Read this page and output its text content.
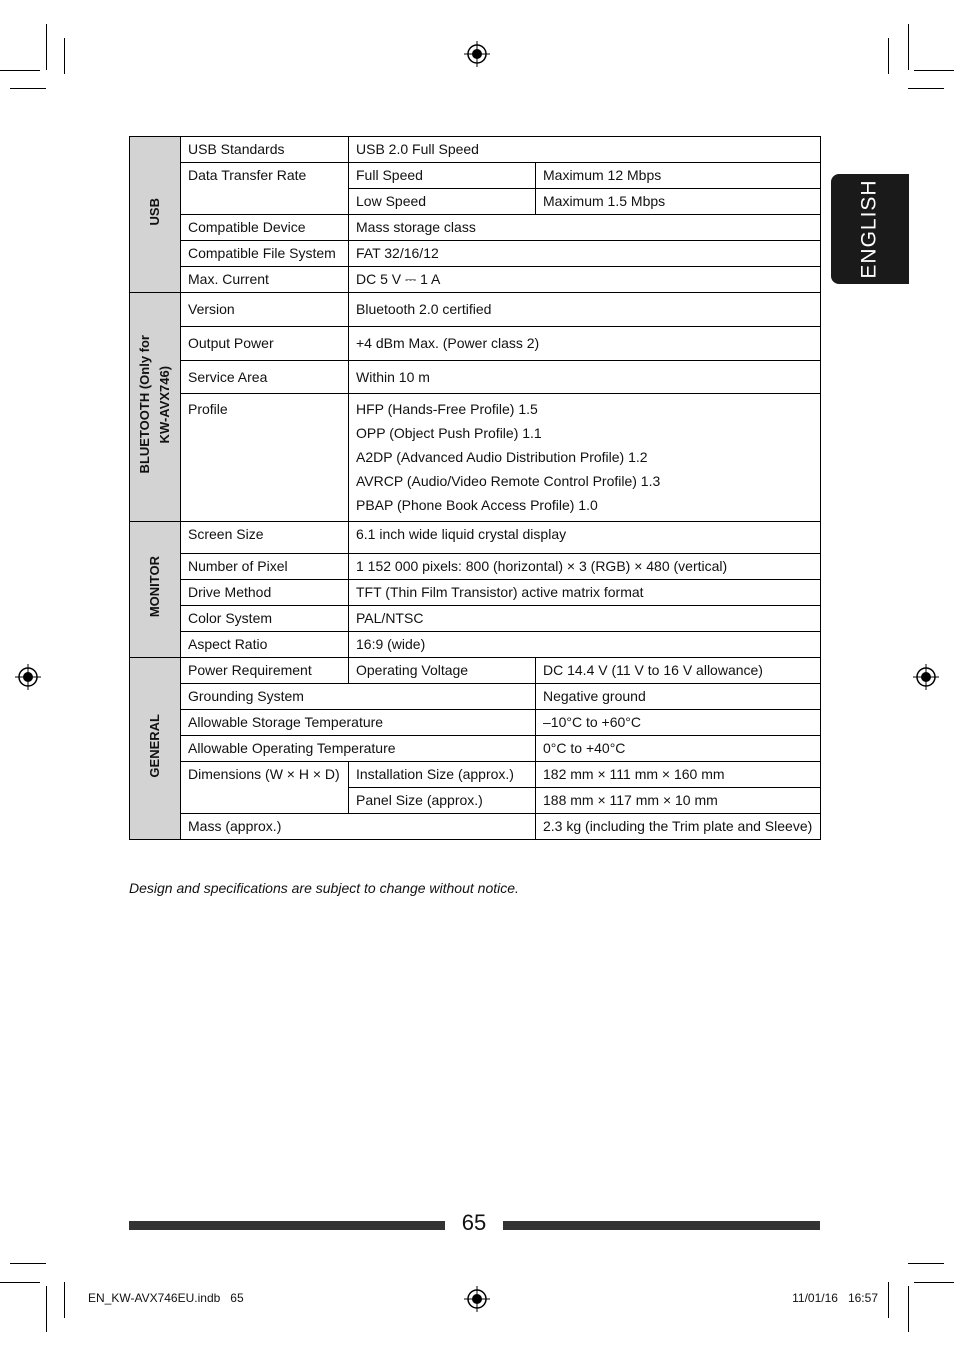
ENGLISH
USB	USB Standards	USB 2.0 Full Speed	
	Data Transfer Rate	Full Speed	Maximum 12 Mbps
		Low Speed	Maximum 1.5 Mbps
	Compatible Device	Mass storage class	
	Compatible File System	FAT 32/16/12	
	Max. Current	DC 5 V ⎓ 1 A	
BLUETOOTH (Only for KW-AVX746)	Version	Bluetooth 2.0 certified	
	Output Power	+4 dBm Max. (Power class 2)	
	Service Area	Within 10 m	
	Profile	HFP (Hands-Free Profile) 1.5
OPP (Object Push Profile) 1.1
A2DP (Advanced Audio Distribution Profile) 1.2
AVRCP (Audio/Video Remote Control Profile) 1.3
PBAP (Phone Book Access Profile) 1.0	

MONITOR	Screen Size	6.1 inch wide liquid crystal display	
	Number of Pixel	1 152 000 pixels: 800 (horizontal) × 3 (RGB) × 480 (vertical)	
	Drive Method	TFT (Thin Film Transistor) active matrix format	
	Color System	PAL/NTSC	
	Aspect Ratio	16:9 (wide)	
GENERAL	Power Requirement	Operating Voltage	DC 14.4 V (11 V to 16 V allowance)
	Grounding System		Negative ground
	Allowable Storage Temperature		–10°C to +60°C
	Allowable Operating Temperature		0°C to +40°C
	Dimensions (W × H × D)	Installation Size (approx.)	182 mm × 111 mm × 160 mm
		Panel Size (approx.)	188 mm × 117 mm × 10 mm
	Mass (approx.)		2.3 kg (including the Trim plate and Sleeve)
Design and specifications are subject to change without notice.
65
EN_KW-AVX746EU.indb   65	11/01/16   16:57
